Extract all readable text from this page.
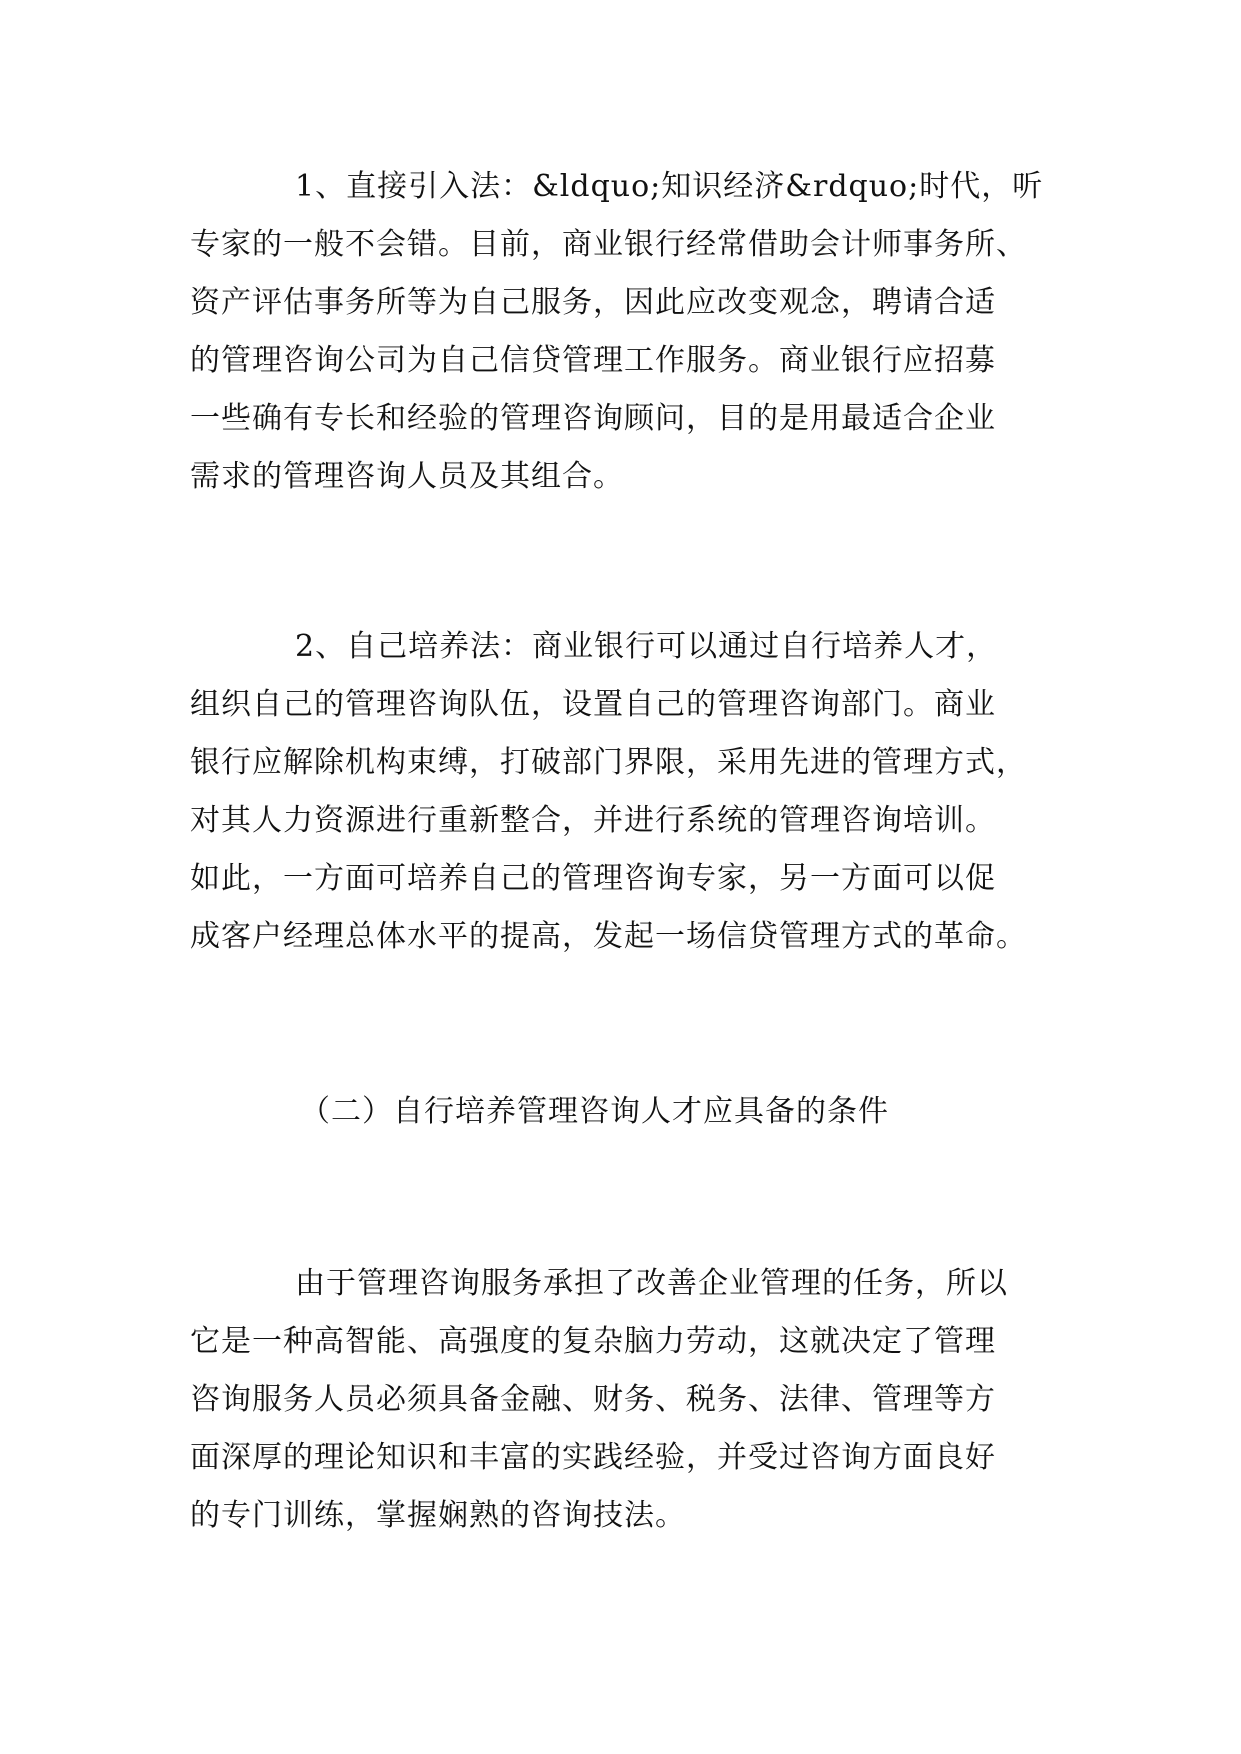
1、直接引入法：&ldquo;知识经济&rdquo;时代，听
专家的一般不会错。目前，商业银行经常借助会计师事务所、
资产评估事务所等为自己服务，因此应改变观念，聘请合适
的管理咨询公司为自己信贷管理工作服务。商业银行应招募
一些确有专长和经验的管理咨询顾问，目的是用最适合企业
需求的管理咨询人员及其组合。

2、自己培养法：商业银行可以通过自行培养人才，
组织自己的管理咨询队伍，设置自己的管理咨询部门。商业
银行应解除机构束缚，打破部门界限，采用先进的管理方式，
对其人力资源进行重新整合，并进行系统的管理咨询培训。
如此，一方面可培养自己的管理咨询专家，另一方面可以促
成客户经理总体水平的提高，发起一场信贷管理方式的革命。

（二）自行培养管理咨询人才应具备的条件

由于管理咨询服务承担了改善企业管理的任务，所以
它是一种高智能、高强度的复杂脑力劳动，这就决定了管理
咨询服务人员必须具备金融、财务、税务、法律、管理等方
面深厚的理论知识和丰富的实践经验，并受过咨询方面良好
的专门训练，掌握娴熟的咨询技法。
